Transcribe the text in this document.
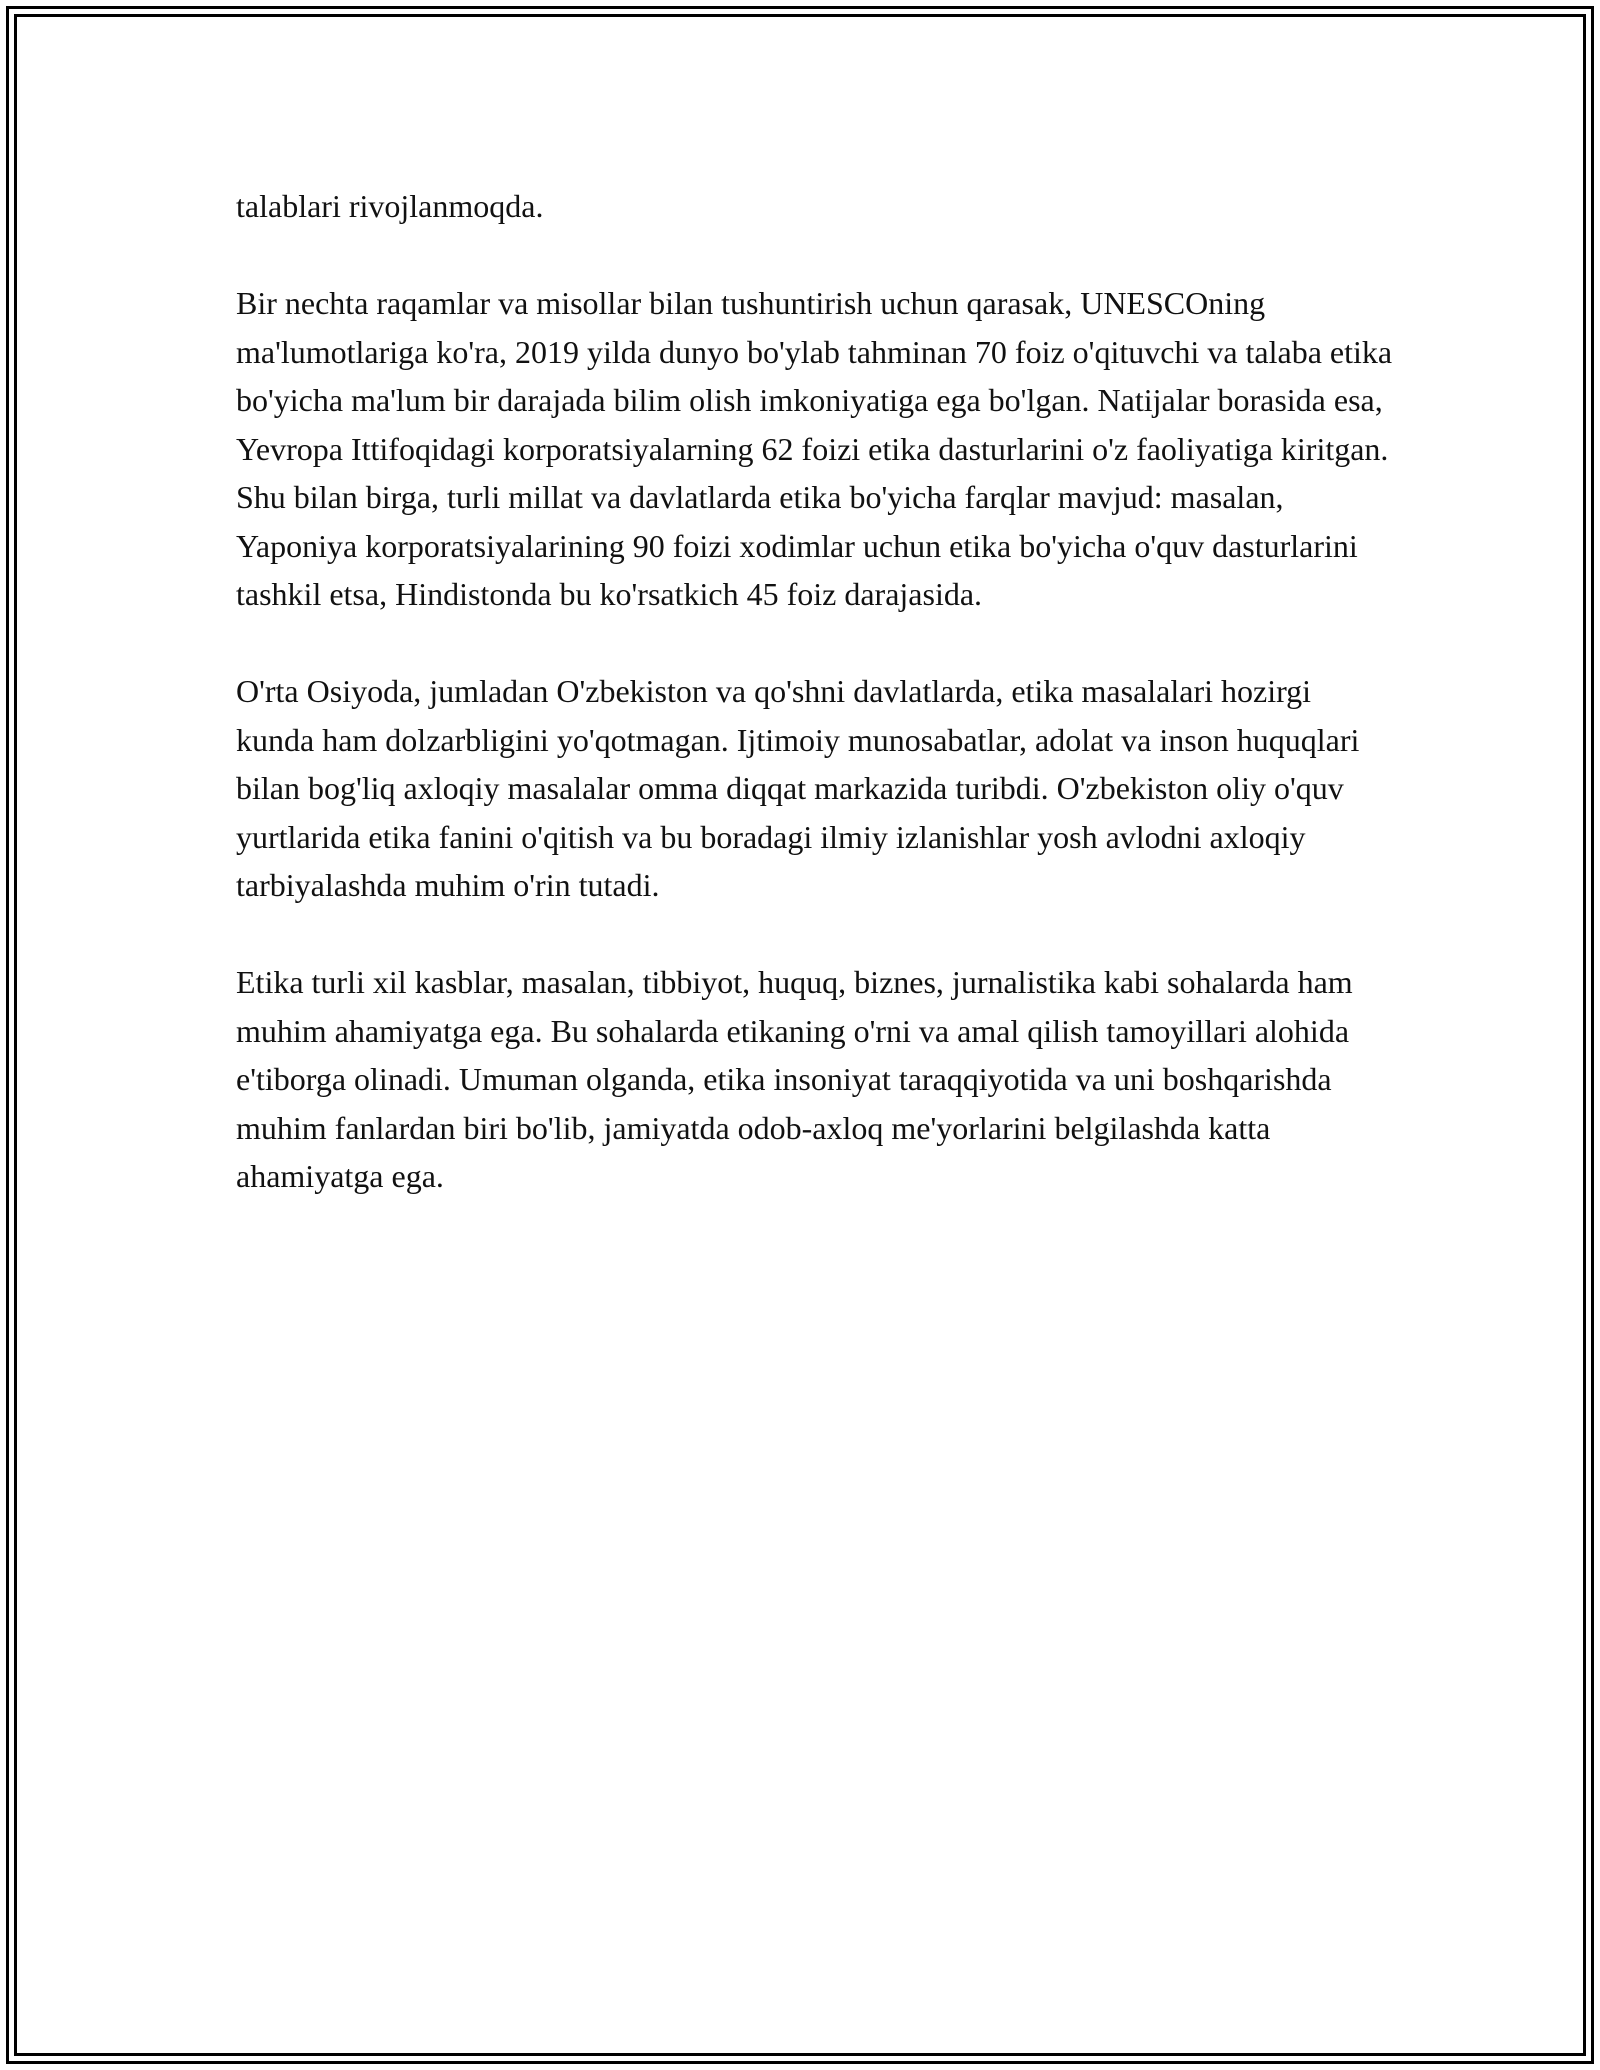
talablari rivojlanmoqda.

Bir nechta raqamlar va misollar bilan tushuntirish uchun qarasak, UNESCOning ma'lumotlariga ko'ra, 2019 yilda dunyo bo'ylab tahminan 70 foiz o'qituvchi va talaba etika bo'yicha ma'lum bir darajada bilim olish imkoniyatiga ega bo'lgan. Natijalar borasida esa, Yevropa Ittifoqidagi korporatsiyalarning 62 foizi etika dasturlarini o'z faoliyatiga kiritgan. Shu bilan birga, turli millat va davlatlarda etika bo'yicha farqlar mavjud: masalan, Yaponiya korporatsiyalarining 90 foizi xodimlar uchun etika bo'yicha o'quv dasturlarini tashkil etsa, Hindistonda bu ko'rsatkich 45 foiz darajasida.

O'rta Osiyoda, jumladan O'zbekiston va qo'shni davlatlarda, etika masalalari hozirgi kunda ham dolzarbligini yo'qotmagan. Ijtimoiy munosabatlar, adolat va inson huquqlari bilan bog'liq axloqiy masalalar omma diqqat markazida turibdi. O'zbekiston oliy o'quv yurtlarida etika fanini o'qitish va bu boradagi ilmiy izlanishlar yosh avlodni axloqiy tarbiyalashda muhim o'rin tutadi.

Etika turli xil kasblar, masalan, tibbiyot, huquq, biznes, jurnalistika kabi sohalarda ham muhim ahamiyatga ega. Bu sohalarda etikaning o'rni va amal qilish tamoyillari alohida e'tiborga olinadi. Umuman olganda, etika insoniyat taraqqiyotida va uni boshqarishda muhim fanlardan biri bo'lib, jamiyatda odob-axloq me'yorlarini belgilashda katta ahamiyatga ega.
